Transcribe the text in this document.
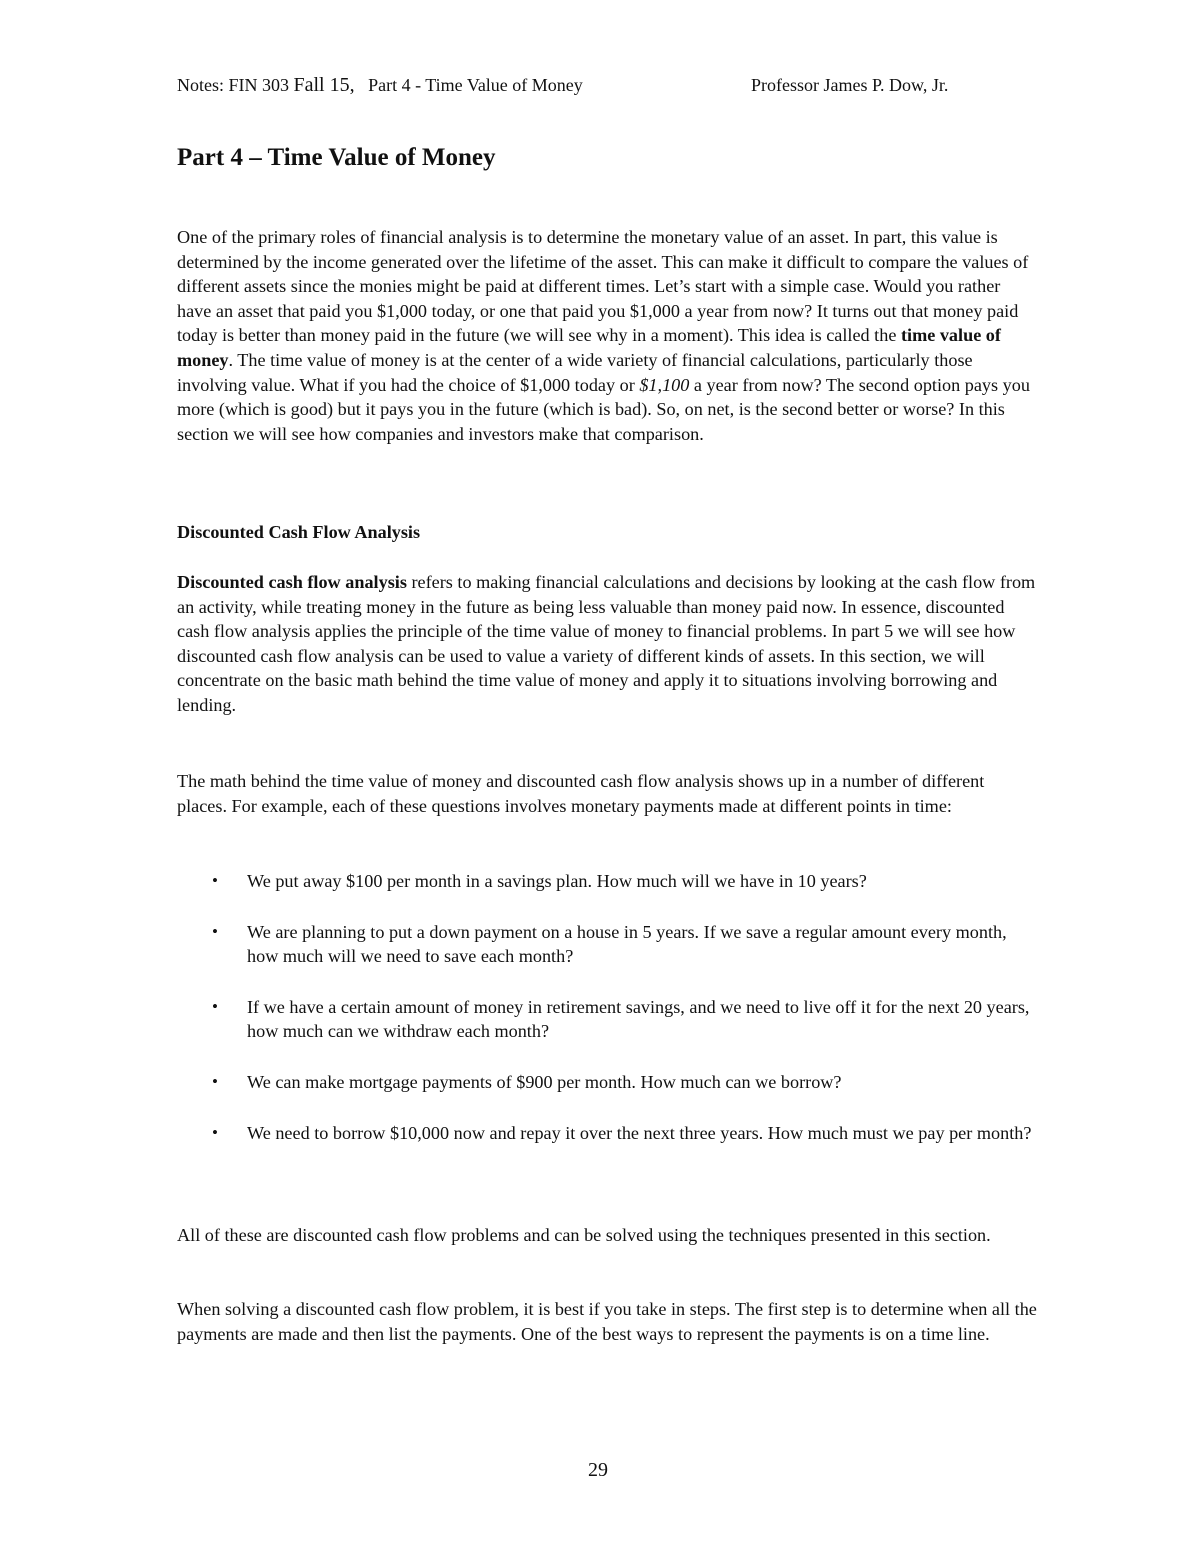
Notes: FIN 303 Fall 15,   Part 4 - Time Value of Money	Professor James P. Dow, Jr.
Part 4 – Time Value of Money

One of the primary roles of financial analysis is to determine the monetary value of an asset. In part, this value is determined by the income generated over the lifetime of the asset. This can make it difficult to compare the values of different assets since the monies might be paid at different times. Let’s start with a simple case. Would you rather have an asset that paid you $1,000 today, or one that paid you $1,000 a year from now? It turns out that money paid today is better than money paid in the future (we will see why in a moment). This idea is called the time value of money. The time value of money is at the center of a wide variety of financial calculations, particularly those involving value. What if you had the choice of $1,000 today or $1,100 a year from now? The second option pays you more (which is good) but it pays you in the future (which is bad). So, on net, is the second better or worse? In this section we will see how companies and investors make that comparison.

Discounted Cash Flow Analysis

Discounted cash flow analysis refers to making financial calculations and decisions by looking at the cash flow from an activity, while treating money in the future as being less valuable than money paid now. In essence, discounted cash flow analysis applies the principle of the time value of money to financial problems. In part 5 we will see how discounted cash flow analysis can be used to value a variety of different kinds of assets. In this section, we will concentrate on the basic math behind the time value of money and apply it to situations involving borrowing and lending.

The math behind the time value of money and discounted cash flow analysis shows up in a number of different places. For example, each of these questions involves monetary payments made at different points in time:

• We put away $100 per month in a savings plan. How much will we have in 10 years?
• We are planning to put a down payment on a house in 5 years. If we save a regular amount every month, how much will we need to save each month?
• If we have a certain amount of money in retirement savings, and we need to live off it for the next 20 years, how much can we withdraw each month?
• We can make mortgage payments of $900 per month. How much can we borrow?
• We need to borrow $10,000 now and repay it over the next three years. How much must we pay per month?

All of these are discounted cash flow problems and can be solved using the techniques presented in this section.

When solving a discounted cash flow problem, it is best if you take in steps. The first step is to determine when all the payments are made and then list the payments. One of the best ways to represent the payments is on a time line.

29
